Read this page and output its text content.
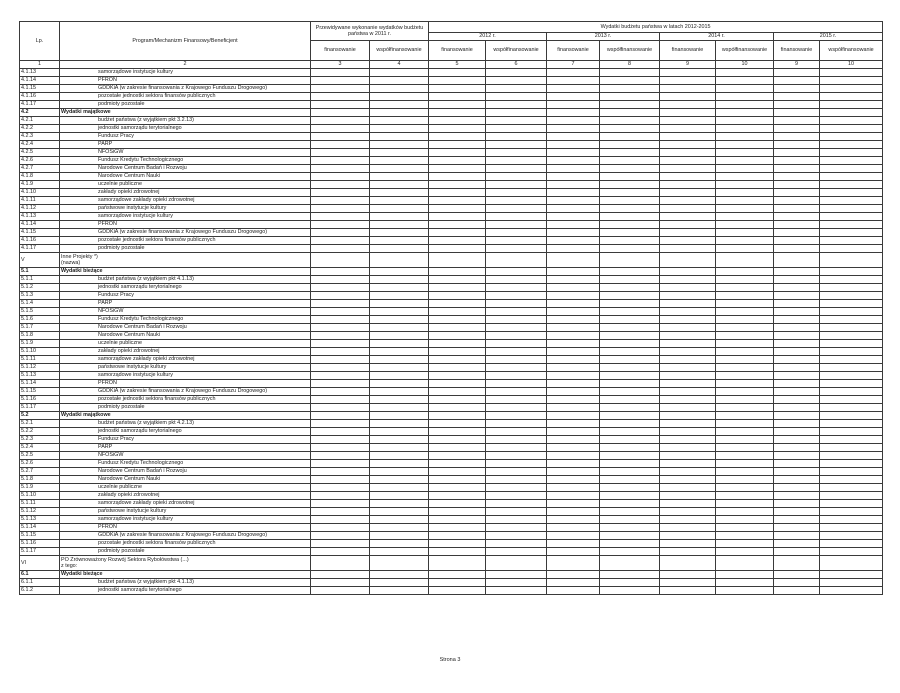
Lp.	Program/Mechanizm Finansowy/Beneficjent	Przewidywane wykonanie wydatków budżetu
państwa w 2011 r.		Wydatki budżetu państwa w latach 2012-2015							
				2012 r.		2013 r.		2014 r.		2015 r.	
		finansowanie	współfinansowanie	finansowanie	współfinansowanie	finansowanie	współfinansowanie	finansowanie	współfinansowanie	finansowanie	współfinansowanie
1	2	3	4	5	6	7	8	9	10	9	10
4.1.13	samorządowe instytucje kultury										
4.1.14	PFRON										
4.1.15	GDDKiA (w zakresie finansowania z Krajowego Funduszu Drogowego)										
4.1.16	pozostałe jednostki sektora finansów publicznych										
4.1.17	podmioty pozostałe										
4.2	Wydatki majątkowe										
4.2.1	budżet państwa (z wyjątkiem pkt 3.2.13)										
4.2.2	jednostki samorządu terytorialnego										
4.2.3	Fundusz Pracy										
4.2.4	PARP										
4.2.5	NFOŚiGW										
4.2.6	Fundusz Kredytu Technologicznego										
4.2.7	Narodowe Centrum Badań i Rozwoju										
4.1.8	Narodowe Centrum Nauki										
4.1.9	uczelnie publiczne										
4.1.10	zakłady opieki zdrowotnej										
4.1.11	samorządowe zakłady opieki zdrowotnej										
4.1.12	państwowe instytucje kultury										
4.1.13	samorządowe instytucje kultury										
4.1.14	PFRON										
4.1.15	GDDKiA (w zakresie finansowania z Krajowego Funduszu Drogowego)										
4.1.16	pozostałe jednostki sektora finansów publicznych										
4.1.17	podmioty pozostałe										
V	Inne Projekty *)
(nazwa)										

5.1	Wydatki bieżące										
5.1.1	budżet państwa (z wyjątkiem pkt 4.1.13)										
5.1.2	jednostki samorządu terytorialnego										
5.1.3	Fundusz Pracy										
5.1.4	PARP										
5.1.5	NFOŚiGW										
5.1.6	Fundusz Kredytu Technologicznego										
5.1.7	Narodowe Centrum Badań i Rozwoju										
5.1.8	Narodowe Centrum Nauki										
5.1.9	uczelnie publiczne										
5.1.10	zakłady opieki zdrowotnej										
5.1.11	samorządowe zakłady opieki zdrowotnej										
5.1.12	państwowe instytucje kultury										
5.1.13	samorządowe instytucje kultury										
5.1.14	PFRON										
5.1.15	GDDKiA (w zakresie finansowania z Krajowego Funduszu Drogowego)										
5.1.16	pozostałe jednostki sektora finansów publicznych										
5.1.17	podmioty pozostałe										
5.2	Wydatki majątkowe										
5.2.1	budżet państwa (z wyjątkiem pkt 4.2.13)										
5.2.2	jednostki samorządu terytorialnego										
5.2.3	Fundusz Pracy										
5.2.4	PARP										
5.2.5	NFOŚiGW										
5.2.6	Fundusz Kredytu Technologicznego										
5.2.7	Narodowe Centrum Badań i Rozwoju										
5.1.8	Narodowe Centrum Nauki										
5.1.9	uczelnie publiczne										
5.1.10	zakłady opieki zdrowotnej										
5.1.11	samorządowe zakłady opieki zdrowotnej										
5.1.12	państwowe instytucje kultury										
5.1.13	samorządowe instytucje kultury										
5.1.14	PFRON										
5.1.15	GDDKiA (w zakresie finansowania z Krajowego Funduszu Drogowego)										
5.1.16	pozostałe jednostki sektora finansów publicznych										
5.1.17	podmioty pozostałe										
VI	PO Zrównoważony Rozwój Sektora Rybołówstwa (...)
z tego:										

6.1	Wydatki bieżące										
6.1.1	budżet państwa (z wyjątkiem pkt 4.1.13)										
6.1.2	jednostki samorządu terytorialnego										
Strona 3
